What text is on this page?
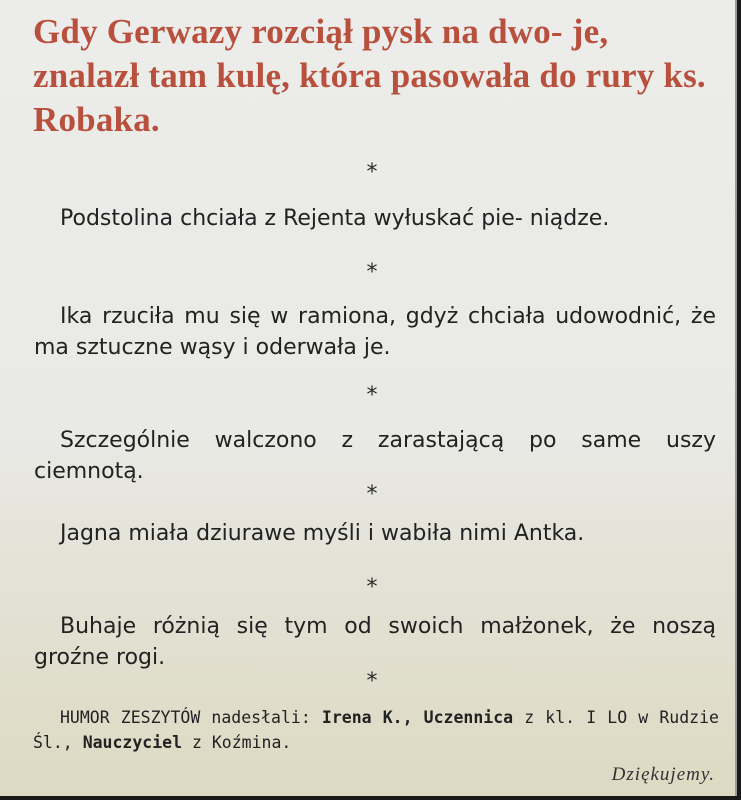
Gdy Gerwazy rozciął pysk na dwo- je, znalazł tam kulę, która pasowała do rury ks. Robaka.
*

Podstolina chciała z Rejenta wyłuskać pie- niądze.

*

Ika rzuciła mu się w ramiona, gdyż chciała udowodnić, że ma sztuczne wąsy i oderwała je.

*

Szczególnie walczono z zarastającą po same uszy ciemnotą.

*

Jagna miała dziurawe myśli i wabiła nimi Antka.

*

Buhaje różnią się tym od swoich małżonek, że noszą groźne rogi.

*

HUMOR ZESZYTÓW nadesłali: Irena K., Uczennica z kl. I LO w Rudzie Śl., Nauczyciel z Koźmina.

Dziękujemy.
